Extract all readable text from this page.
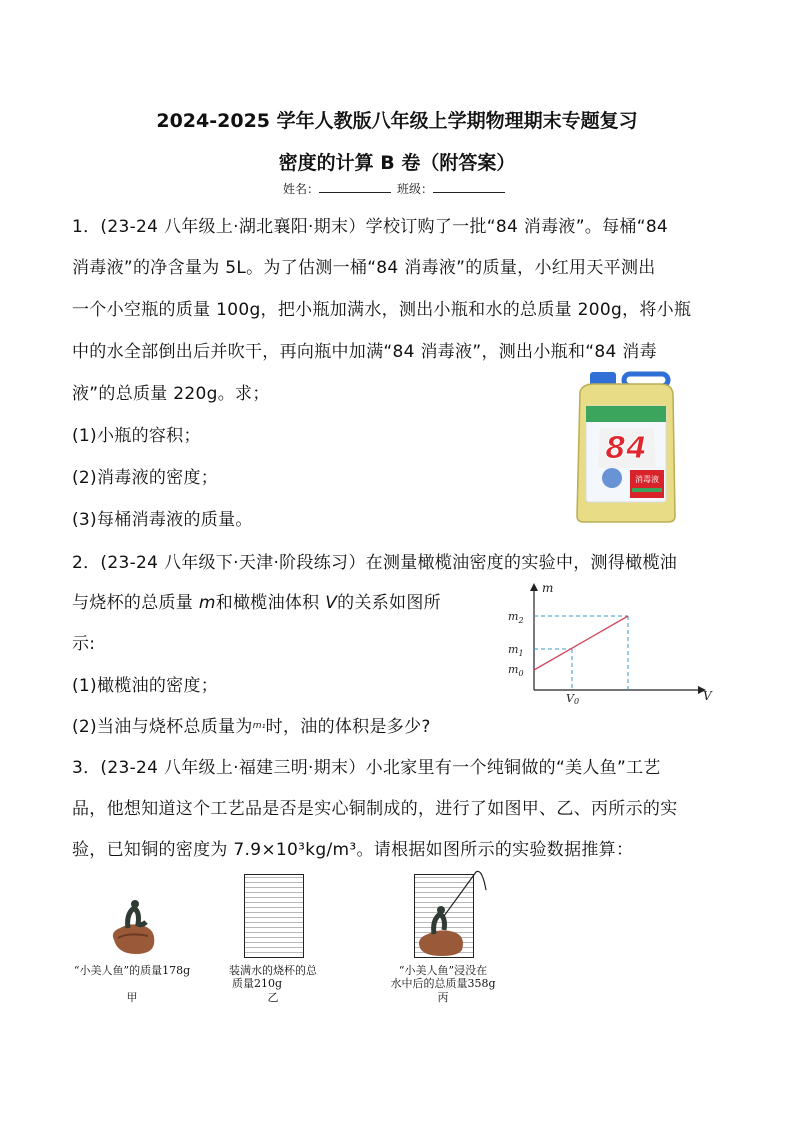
2024-2025 学年人教版八年级上学期物理期末专题复习
密度的计算 B 卷（附答案）
姓名：	班级：
1．(23-24 八年级上·湖北襄阳·期末）学校订购了一批“84 消毒液”。每桶“84
消毒液”的净含量为 5L。为了估测一桶“84 消毒液”的质量，小红用天平测出
一个小空瓶的质量 100g，把小瓶加满水，测出小瓶和水的总质量 200g，将小瓶
中的水全部倒出后并吹干，再向瓶中加满“84 消毒液”，测出小瓶和“84 消毒
液”的总质量 220g。求；
(1)小瓶的容积；
(2)消毒液的密度；
(3)每桶消毒液的质量。
84
消毒液
2．(23-24 八年级下·天津·阶段练习）在测量橄榄油密度的实验中，测得橄榄油
与烧杯的总质量 m和橄榄油体积 V的关系如图所
示:
(1)橄榄油的密度；
(2)当油与烧杯总质量为$^{m_1}$时，油的体积是多少?
m
V
$m_2$
$m_1$
$m_0$
V0
3．(23-24 八年级上·福建三明·期末）小北家里有一个纯铜做的“美人鱼”工艺
品，他想知道这个工艺品是否是实心铜制成的，进行了如图甲、乙、丙所示的实
验，已知铜的密度为 7.9×10³kg/m³。请根据如图所示的实验数据推算：
“小美人鱼”的质量178g
甲
装满水的烧杯的总
质量210g
乙
“小美人鱼”浸没在
水中后的总质量358g
丙
